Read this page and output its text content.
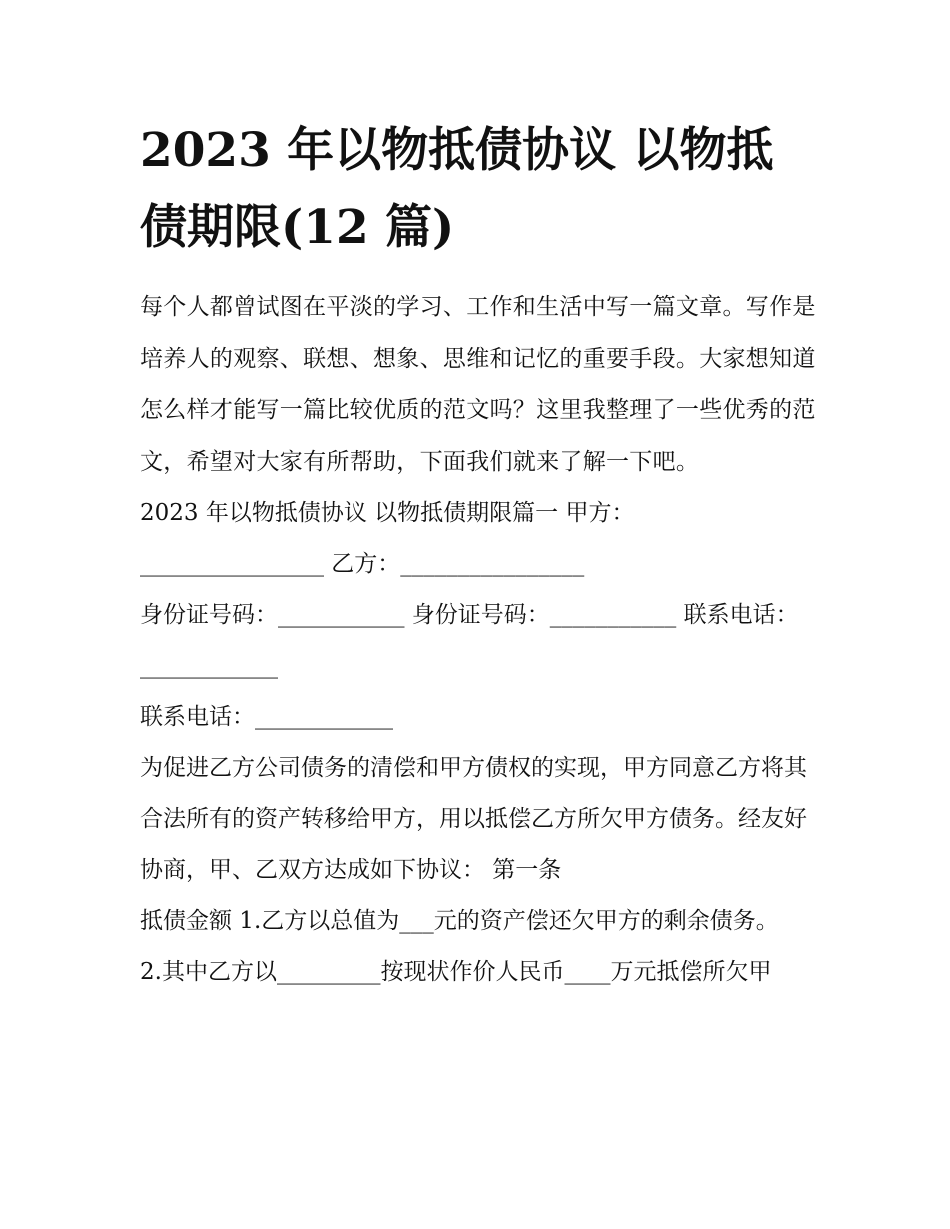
2023 年以物抵债协议 以物抵债期限(12 篇)

每个人都曾试图在平淡的学习、工作和生活中写一篇文章。写作是培养人的观察、联想、想象、思维和记忆的重要手段。大家想知道怎么样才能写一篇比较优质的范文吗？这里我整理了一些优秀的范文，希望对大家有所帮助，下面我们就来了解一下吧。

2023 年以物抵债协议 以物抵债期限篇一 甲方：

________________ 乙方：________________

身份证号码：___________ 身份证号码：___________ 联系电话：____________

联系电话：____________

为促进乙方公司债务的清偿和甲方债权的实现，甲方同意乙方将其合法所有的资产转移给甲方，用以抵偿乙方所欠甲方债务。经友好协商，甲、乙双方达成如下协议： 第一条

抵债金额 1.乙方以总值为___元的资产偿还欠甲方的剩余债务。

2.其中乙方以_________按现状作价人民币____万元抵偿所欠甲
